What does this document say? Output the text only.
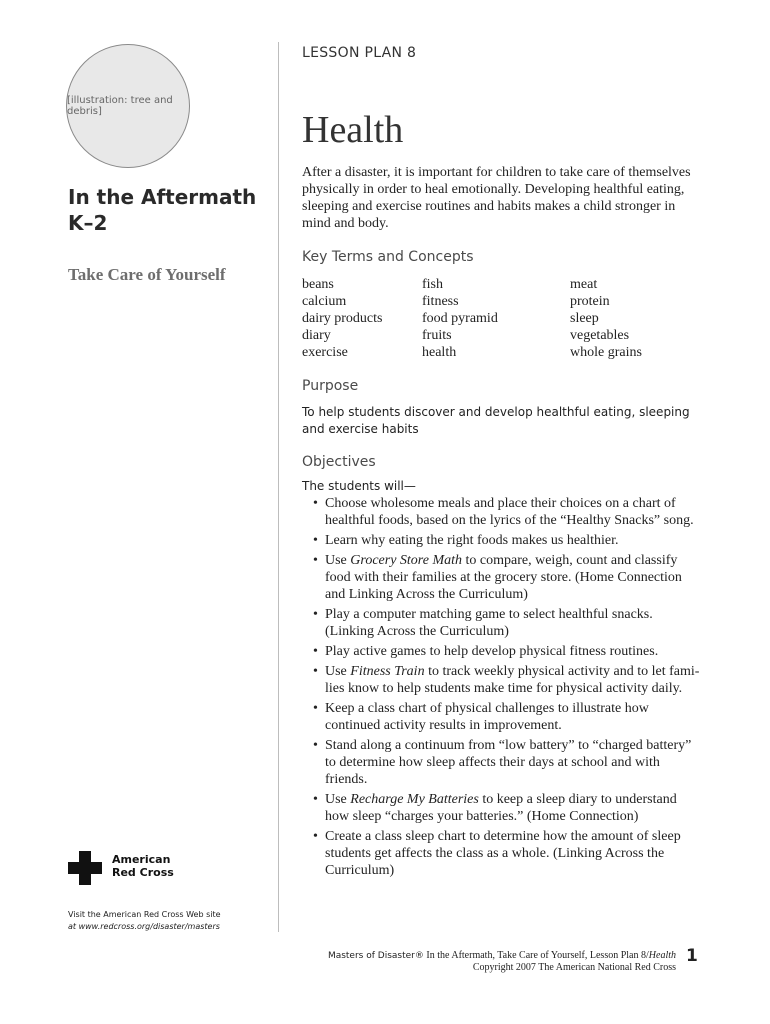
LESSON PLAN 8
[illustration: tree and debris]
In the Aftermath
K–2
Take Care of Yourself
Health
After a disaster, it is important for children to take care of themselves physically in order to heal emotionally. Developing healthful eating, sleeping and exercise routines and habits makes a child stronger in mind and body.
Key Terms and Concepts
beans
calcium
dairy products
diary
exercise
fish
fitness
food pyramid
fruits
health
meat
protein
sleep
vegetables
whole grains
Purpose
To help students discover and develop healthful eating, sleeping and exercise habits
Objectives
The students will—
• Choose wholesome meals and place their choices on a chart of healthful foods, based on the lyrics of the “Healthy Snacks” song.
• Learn why eating the right foods makes us healthier.
• Use Grocery Store Math to compare, weigh, count and classify food with their families at the grocery store. (Home Connection and Linking Across the Curriculum)
• Play a computer matching game to select healthful snacks. (Linking Across the Curriculum)
• Play active games to help develop physical fitness routines.
• Use Fitness Train to track weekly physical activity and to let fami-lies know to help students make time for physical activity daily.
• Keep a class chart of physical challenges to illustrate how continued activity results in improvement.
• Stand along a continuum from “low battery” to “charged battery” to determine how sleep affects their days at school and with friends.
• Use Recharge My Batteries to keep a sleep diary to understand how sleep “charges your batteries.” (Home Connection)
• Create a class sleep chart to determine how the amount of sleep students get affects the class as a whole. (Linking Across the Curriculum)
American
Red Cross
Visit the American Red Cross Web site
at www.redcross.org/disaster/masters
Masters of Disaster® In the Aftermath, Take Care of Yourself, Lesson Plan 8/Health
Copyright 2007 The American National Red Cross
1
